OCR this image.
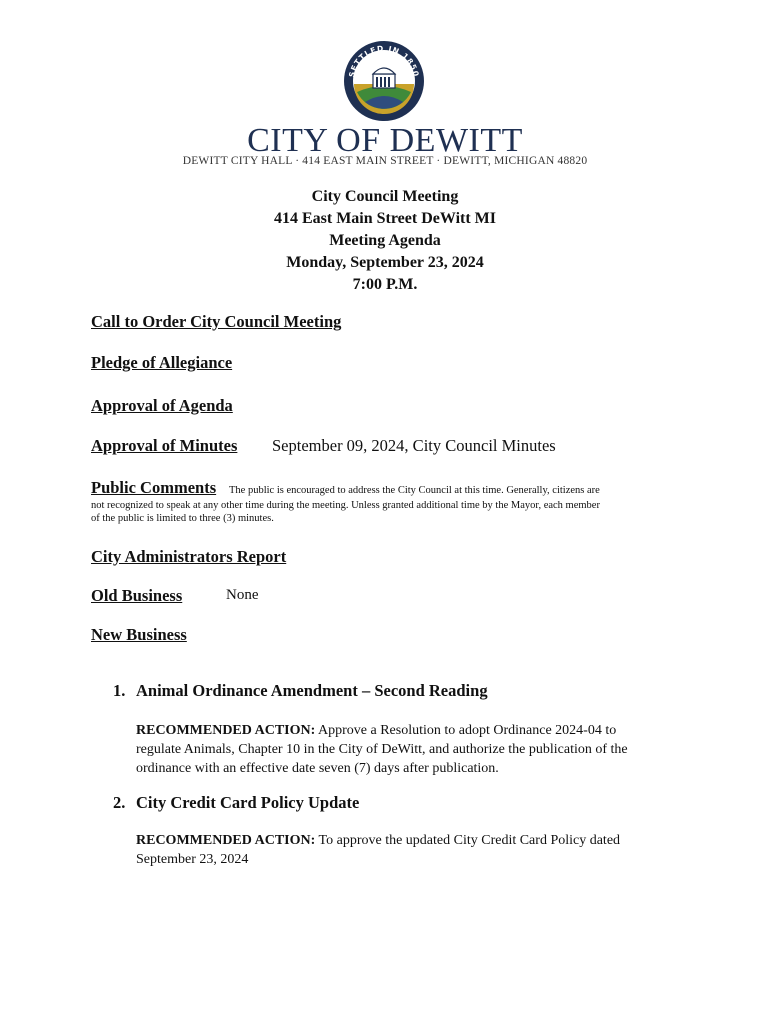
SETTLED IN 1850
CITY OF DEWITT
DEWITT CITY HALL · 414 EAST MAIN STREET · DEWITT, MICHIGAN 48820
City Council Meeting
414 East Main Street DeWitt MI
Meeting Agenda
Monday, September 23, 2024
7:00 P.M.
Call to Order City Council Meeting
Pledge of Allegiance
Approval of Agenda
Approval of Minutes September 09, 2024, City Council Minutes
Public Comments The public is encouraged to address the City Council at this time. Generally, citizens are
not recognized to speak at any other time during the meeting. Unless granted additional time by the Mayor, each member
of the public is limited to three (3) minutes.
City Administrators Report
Old Business	None
New Business
1. Animal Ordinance Amendment – Second Reading
RECOMMENDED ACTION: Approve a Resolution to adopt Ordinance 2024-04 to
regulate Animals, Chapter 10 in the City of DeWitt, and authorize the publication of the
ordinance with an effective date seven (7) days after publication.
2. City Credit Card Policy Update
RECOMMENDED ACTION: To approve the updated City Credit Card Policy dated
September 23, 2024
